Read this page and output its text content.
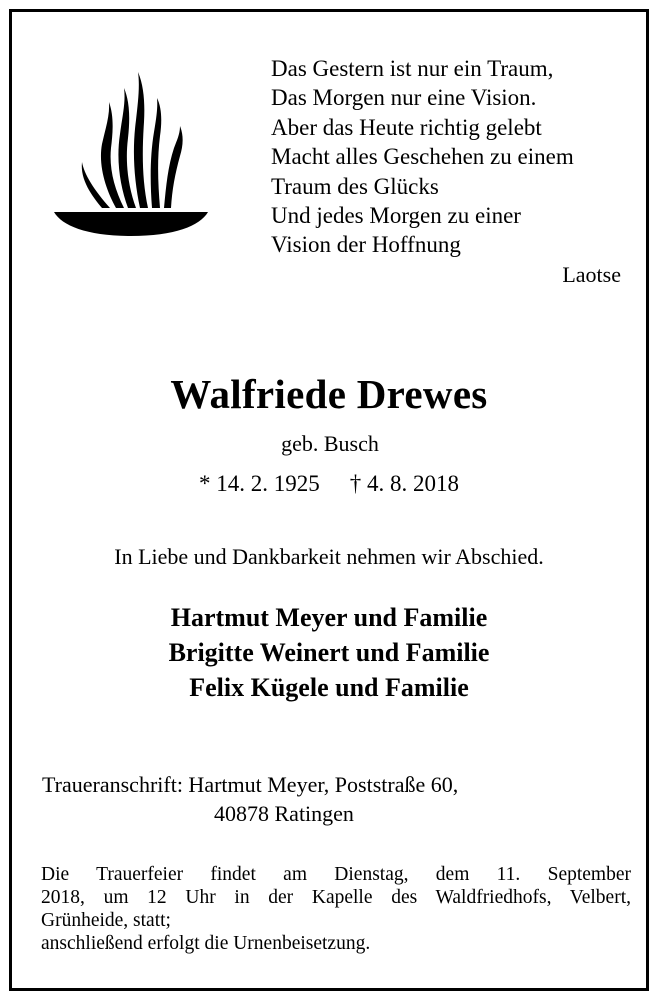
Das Gestern ist nur ein Traum,
Das Morgen nur eine Vision.
Aber das Heute richtig gelebt
Macht alles Geschehen zu einem
Traum des Glücks
Und jedes Morgen zu einer
Vision der Hoffnung
Laotse
Walfriede Drewes
geb. Busch
* 14. 2. 1925 † 4. 8. 2018
In Liebe und Dankbarkeit nehmen wir Abschied.
Hartmut Meyer und Familie
Brigitte Weinert und Familie
Felix Kügele und Familie
Traueranschrift: Hartmut Meyer, Poststraße 60,
40878 Ratingen
Die Trauerfeier findet am Dienstag, dem 11. September
2018, um 12 Uhr in der Kapelle des Waldfriedhofs, Velbert,
Grünheide, statt;
anschließend erfolgt die Urnenbeisetzung.
